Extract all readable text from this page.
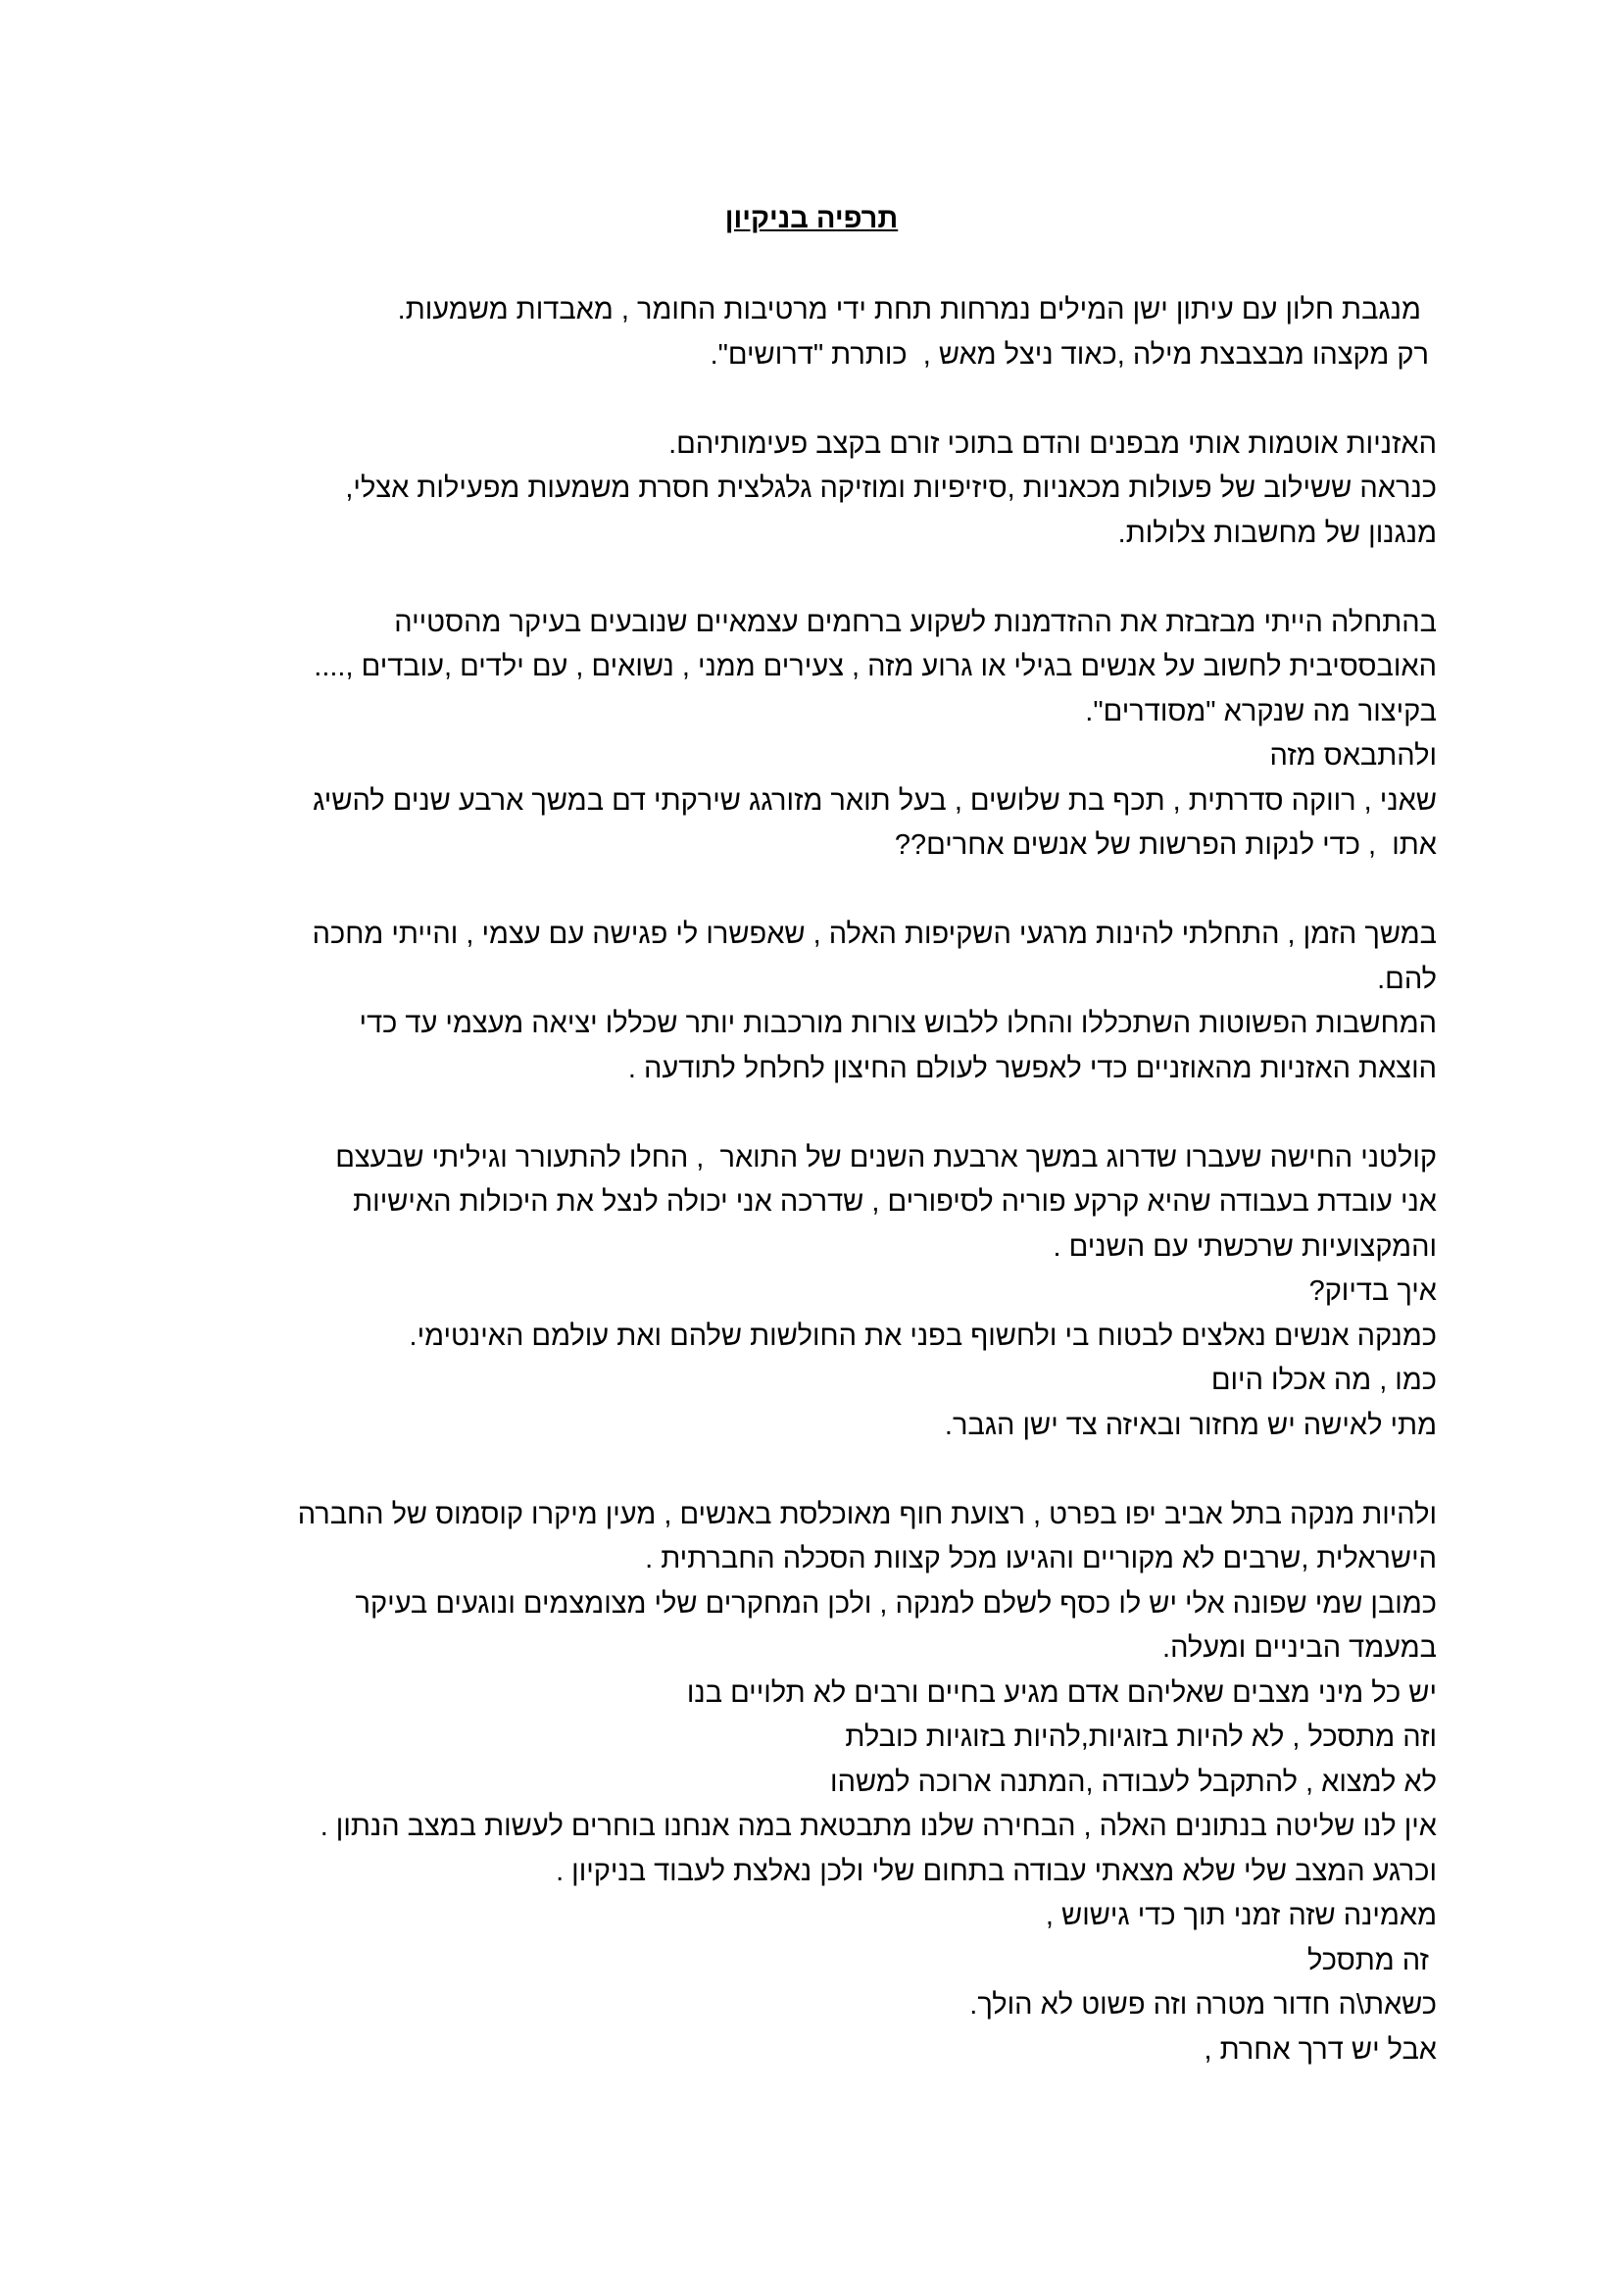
תרפיה בניקיון
מנגבת חלון עם עיתון ישן המילים נמרחות תחת ידי מרטיבות החומר , מאבדות משמעות.
רק מקצהו מבצבצת מילה ,כאוד ניצל מאש ,  כותרת "דרושים".
האזניות אוטמות אותי מבפנים והדם בתוכי זורם בקצב פעימותיהם.
כנראה ששילוב של פעולות מכאניות ,סיזיפיות ומוזיקה גלגלצית חסרת משמעות מפעילות אצלי,
מנגנון של מחשבות צלולות.
בהתחלה הייתי מבזבזת את ההזדמנות לשקוע ברחמים עצמאיים שנובעים בעיקר מהסטייה
האובססיבית לחשוב על אנשים בגילי או גרוע מזה , צעירים ממני , נשואים , עם ילדים ,עובדים ,....
בקיצור מה שנקרא "מסודרים".
ולהתבאס מזה
שאני , רווקה סדרתית , תכף בת שלושים , בעל תואר מזורגג שירקתי דם במשך ארבע שנים להשיג
אתו  , כדי לנקות הפרשות של אנשים אחרים??
במשך הזמן , התחלתי להינות מרגעי השקיפות האלה , שאפשרו לי פגישה עם עצמי , והייתי מחכה
להם.
המחשבות הפשוטות השתכללו והחלו ללבוש צורות מורכבות יותר שכללו יציאה מעצמי עד כדי
הוצאת האזניות מהאוזניים כדי לאפשר לעולם החיצון לחלחל לתודעה .
קולטני החישה שעברו שדרוג במשך ארבעת השנים של התואר  , החלו להתעורר וגיליתי שבעצם
אני עובדת בעבודה שהיא קרקע פוריה לסיפורים , שדרכה אני יכולה לנצל את היכולות האישיות
והמקצועיות שרכשתי עם השנים .
איך בדיוק?
כמנקה אנשים נאלצים לבטוח בי ולחשוף בפני את החולשות שלהם ואת עולמם האינטימי.
כמו , מה אכלו היום
מתי לאישה יש מחזור ובאיזה צד ישן הגבר.
ולהיות מנקה בתל אביב יפו בפרט , רצועת חוף מאוכלסת באנשים , מעין מיקרו קוסמוס של החברה
הישראלית ,שרבים לא מקוריים והגיעו מכל קצוות הסכלה החברתית .
כמובן שמי שפונה אלי יש לו כסף לשלם למנקה , ולכן המחקרים שלי מצומצמים ונוגעים בעיקר
במעמד הביניים ומעלה.
יש כל מיני מצבים שאליהם אדם מגיע בחיים ורבים לא תלויים בנו
וזה מתסכל , לא להיות בזוגיות,להיות בזוגיות כובלת
לא למצוא , להתקבל לעבודה ,המתנה ארוכה למשהו
אין לנו שליטה בנתונים האלה , הבחירה שלנו מתבטאת במה אנחנו בוחרים לעשות במצב הנתון .
וכרגע המצב שלי שלא מצאתי עבודה בתחום שלי ולכן נאלצת לעבוד בניקיון .
מאמינה שזה זמני תוך כדי גישוש ,
זה מתסכל
כשאת\ה חדור מטרה וזה פשוט לא הולך.
אבל יש דרך אחרת ,
